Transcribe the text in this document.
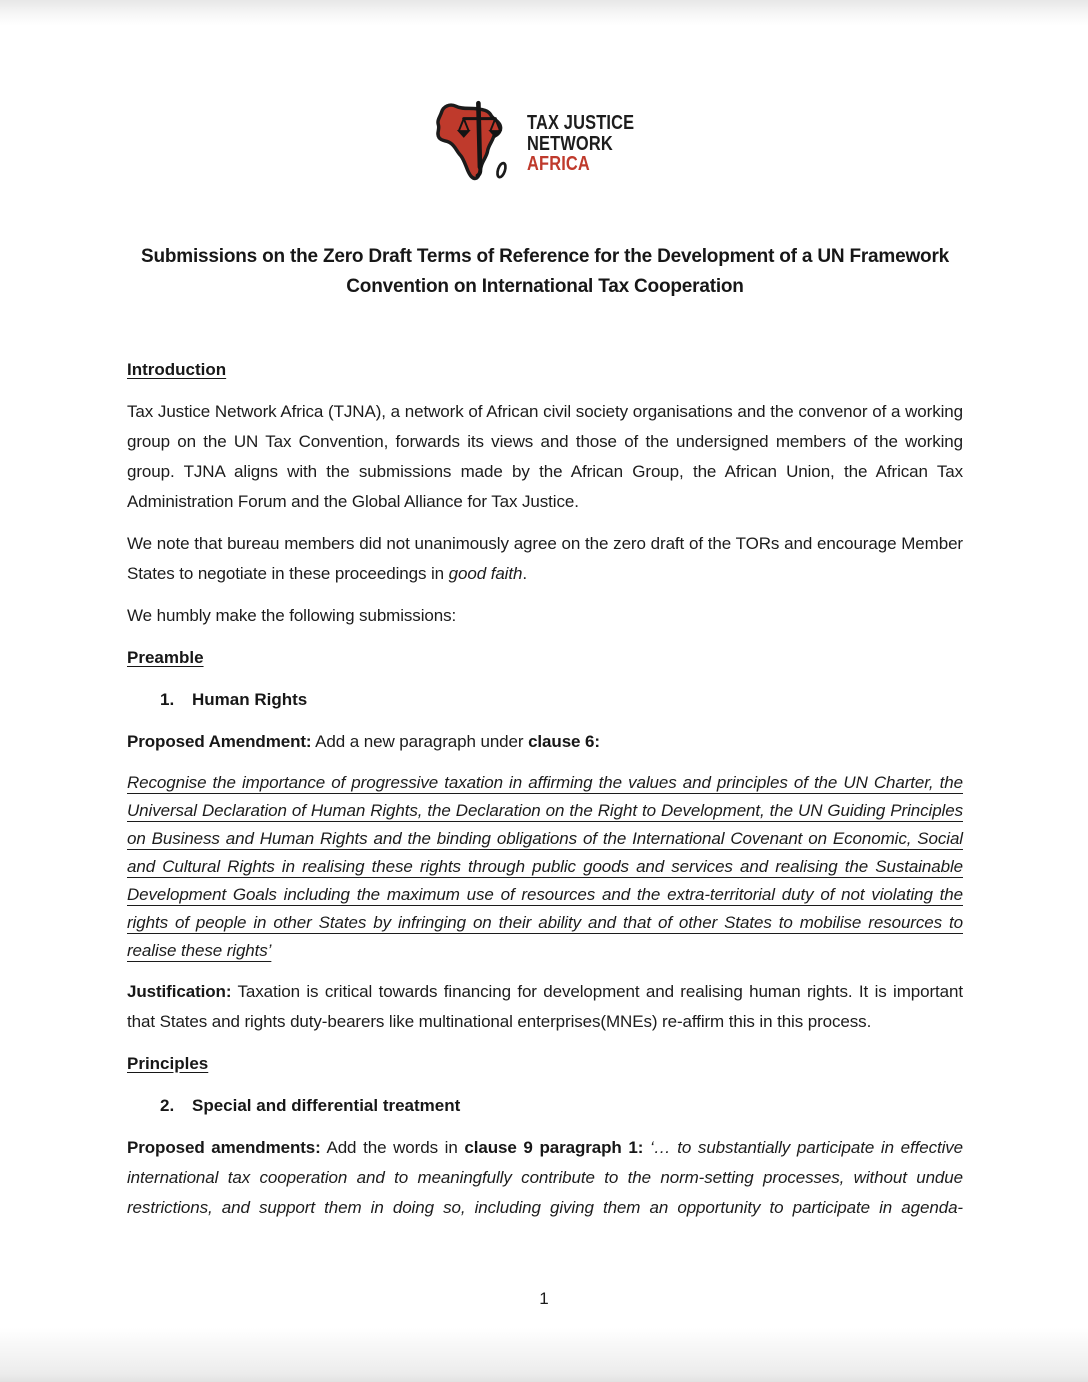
TAX JUSTICE
NETWORK
AFRICA
Submissions on the Zero Draft Terms of Reference for the Development of a UN Framework Convention on International Tax Cooperation
Introduction

Tax Justice Network Africa (TJNA), a network of African civil society organisations and the convenor of a working group on the UN Tax Convention, forwards its views and those of the undersigned members of the working group. TJNA aligns with the submissions made by the African Group, the African Union, the African Tax Administration Forum and the Global Alliance for Tax Justice.

We note that bureau members did not unanimously agree on the zero draft of the TORs and encourage Member States to negotiate in these proceedings in good faith.

We humbly make the following submissions:

Preamble
1. Human Rights

Proposed Amendment: Add a new paragraph under clause 6:

Recognise the importance of progressive taxation in affirming the values and principles of the UN Charter, the Universal Declaration of Human Rights, the Declaration on the Right to Development, the UN Guiding Principles on Business and Human Rights and the binding obligations of the International Covenant on Economic, Social and Cultural Rights in realising these rights through public goods and services and realising the Sustainable Development Goals including the maximum use of resources and the extra-territorial duty of not violating the rights of people in other States by infringing on their ability and that of other States to mobilise resources to realise these rights’

Justification: Taxation is critical towards financing for development and realising human rights. It is important that States and rights duty-bearers like multinational enterprises(MNEs) re-affirm this in this process.

Principles
2. Special and differential treatment

Proposed amendments: Add the words in clause 9 paragraph 1: ‘… to substantially participate in effective international tax cooperation and to meaningfully contribute to the norm-setting processes, without undue restrictions, and support them in doing so, including giving them an opportunity to participate in agenda-

1
